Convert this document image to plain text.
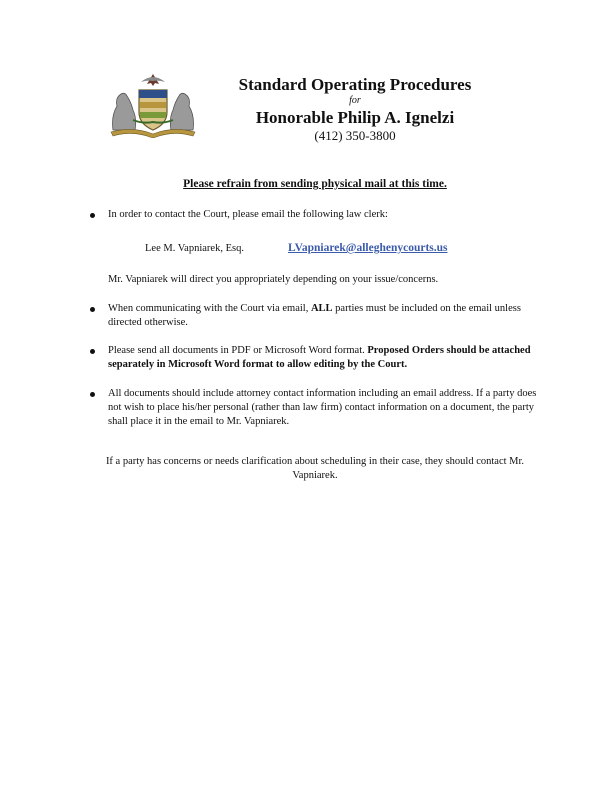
Standard Operating Procedures
for
Honorable Philip A. Ignelzi
(412) 350-3800
Please refrain from sending physical mail at this time.
In order to contact the Court, please email the following law clerk:
Lee M. Vapniarek, Esq.	LVapniarek@alleghenycourts.us
Mr. Vapniarek will direct you appropriately depending on your issue/concerns.
When communicating with the Court via email, ALL parties must be included on the email unless directed otherwise.
Please send all documents in PDF or Microsoft Word format. Proposed Orders should be attached separately in Microsoft Word format to allow editing by the Court.
All documents should include attorney contact information including an email address. If a party does not wish to place his/her personal (rather than law firm) contact information on a document, the party shall place it in the email to Mr. Vapniarek.
If a party has concerns or needs clarification about scheduling in their case, they should contact Mr. Vapniarek.
